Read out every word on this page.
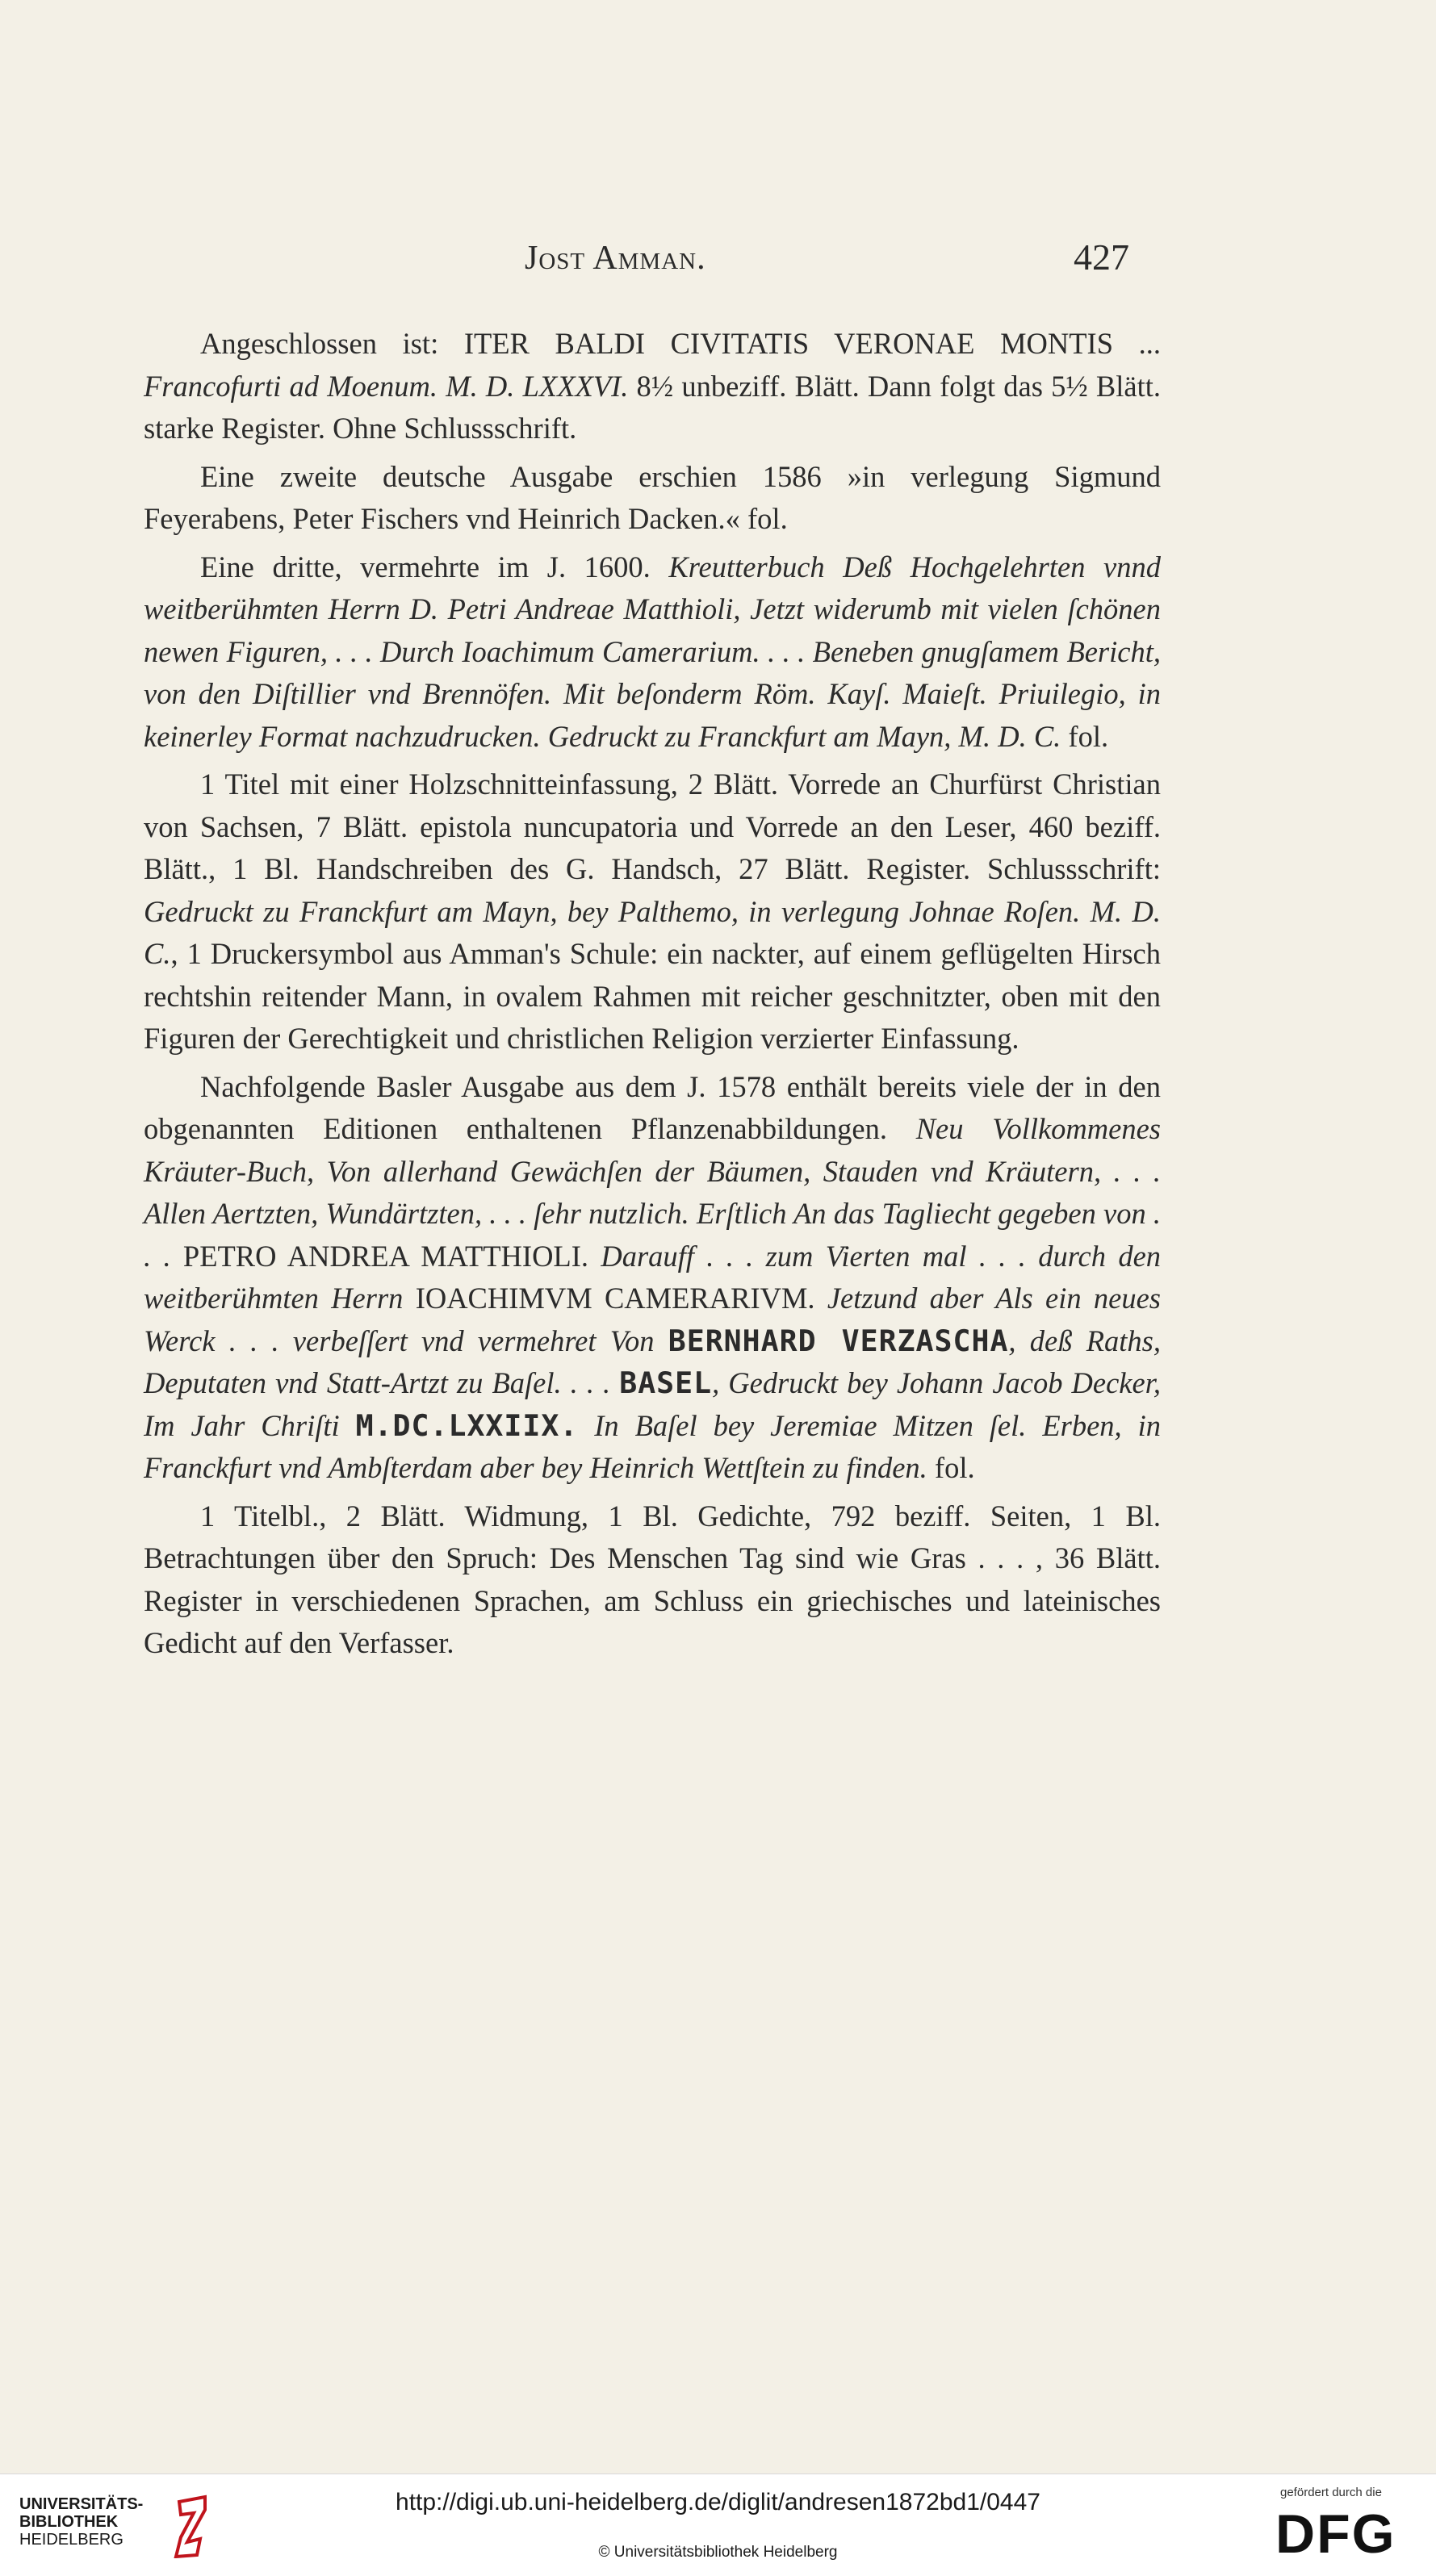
Jost Amman.	427

Angeschlossen ist: ITER BALDI CIVITATIS VERONAE MONTIS ... Francofurti ad Moenum. M. D. LXXXVI. 8½ unbeziff. Blätt. Dann folgt das 5½ Blätt. starke Register. Ohne Schlussschrift.

Eine zweite deutsche Ausgabe erschien 1586 »in verlegung Sigmund Feyerabens, Peter Fischers vnd Heinrich Dacken.« fol.

Eine dritte, vermehrte im J. 1600. Kreutterbuch Deß Hochgelehrten vnnd weitberühmten Herrn D. Petri Andreae Matthioli, Jetzt widerumb mit vielen ſchönen newen Figuren, . . . Durch Ioachimum Camerarium. . . . Beneben gnugſamem Bericht, von den Diſtillier vnd Brennöfen. Mit beſonderm Röm. Kayſ. Maieſt. Priuilegio, in keinerley Format nachzudrucken. Gedruckt zu Franckfurt am Mayn, M. D. C. fol.

1 Titel mit einer Holzschnitteinfassung, 2 Blätt. Vorrede an Churfürst Christian von Sachsen, 7 Blätt. epistola nuncupatoria und Vorrede an den Leser, 460 beziff. Blätt., 1 Bl. Handschreiben des G. Handsch, 27 Blätt. Register. Schlussschrift: Gedruckt zu Franckfurt am Mayn, bey Palthemo, in verlegung Johnae Roſen. M. D. C., 1 Druckersymbol aus Amman's Schule: ein nackter, auf einem geflügelten Hirsch rechtshin reitender Mann, in ovalem Rahmen mit reicher geschnitzter, oben mit den Figuren der Gerechtigkeit und christlichen Religion verzierter Einfassung.

Nachfolgende Basler Ausgabe aus dem J. 1578 enthält bereits viele der in den obgenannten Editionen enthaltenen Pflanzenabbildungen. Neu Vollkommenes Kräuter-Buch, Von allerhand Gewächſen der Bäumen, Stauden vnd Kräutern, . . . Allen Aertzten, Wundärtzten, . . . ſehr nutzlich. Erſtlich An das Tagliecht gegeben von . . . PETRO ANDREA MATTHIOLI. Darauff . . . zum Vierten mal . . . durch den weitberühmten Herrn IOACHIMVM CAMERARIVM. Jetzund aber Als ein neues Werck . . . verbeſſert vnd vermehret Von BERNHARD VERZASCHA, deß Raths, Deputaten vnd Statt-Artzt zu Baſel. . . . BASEL, Gedruckt bey Johann Jacob Decker, Im Jahr Chriſti M.DC.LXXIIX. In Baſel bey Jeremiae Mitzen ſel. Erben, in Franckfurt vnd Ambſterdam aber bey Heinrich Wettſtein zu finden. fol.

1 Titelbl., 2 Blätt. Widmung, 1 Bl. Gedichte, 792 beziff. Seiten, 1 Bl. Betrachtungen über den Spruch: Des Menschen Tag sind wie Gras . . . , 36 Blätt. Register in verschiedenen Sprachen, am Schluss ein griechisches und lateinisches Gedicht auf den Verfasser.

UNIVERSITÄTS-
BIBLIOTHEK
HEIDELBERG
http://digi.ub.uni-heidelberg.de/diglit/andresen1872bd1/0447
© Universitätsbibliothek Heidelberg
gefördert durch die
DFG
